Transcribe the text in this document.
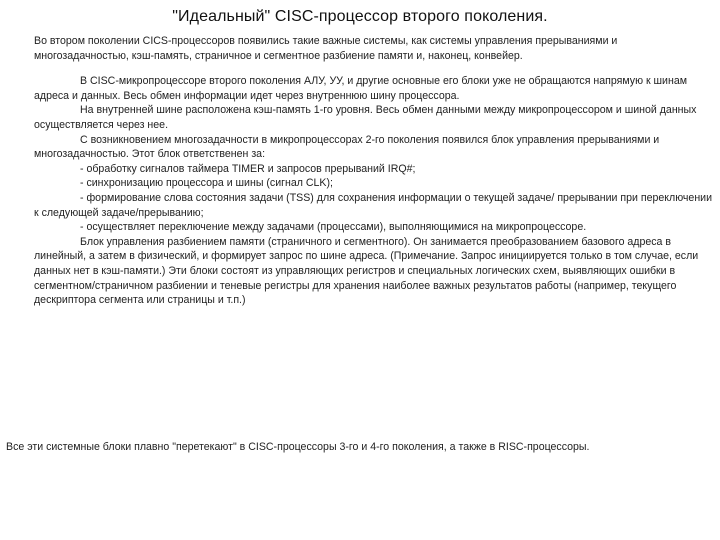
"Идеальный" CISC-процессор второго поколения.

Во втором поколении CICS-процессоров появились такие важные системы, как системы управления прерываниями и многозадачностью, кэш-память, страничное и сегментное разбиение памяти и, наконец, конвейер.

В CISC-микропроцессоре второго поколения АЛУ, УУ, и другие основные его блоки уже не обращаются напрямую к шинам адреса и данных. Весь обмен информации идет через внутреннюю шину процессора.

На внутренней шине расположена кэш-память 1-го уровня. Весь обмен данными между микропроцессором и шиной данных осуществляется через нее.

С возникновением многозадачности в микропроцессорах 2-го поколения появился блок управления прерываниями и многозадачностью. Этот блок ответственен за:

- обработку сигналов таймера TIMER и запросов прерываний IRQ#;

- синхронизацию процессора и шины (сигнал CLK);

- формирование слова состояния задачи (TSS) для сохранения информации о текущей задаче/ прерывании при переключении к следующей задаче/прерыванию;

- осуществляет переключение между задачами (процессами), выполняющимися на микропроцессоре.

Блок управления разбиением памяти (страничного и сегментного). Он занимается преобразованием базового адреса в линейный, а затем в физический, и формирует запрос по шине адреса. (Примечание. Запрос инициируется только в том случае, если данных нет в кэш-памяти.) Эти блоки состоят из управляющих регистров и специальных логических схем, выявляющих ошибки в сегментном/страничном разбиении и теневые регистры для хранения наиболее важных результатов работы (например, текущего дескриптора сегмента или страницы и т.п.)

Все эти системные блоки плавно "перетекают" в CISC-процессоры 3-го и 4-го поколения, а также в RISC-процессоры.
